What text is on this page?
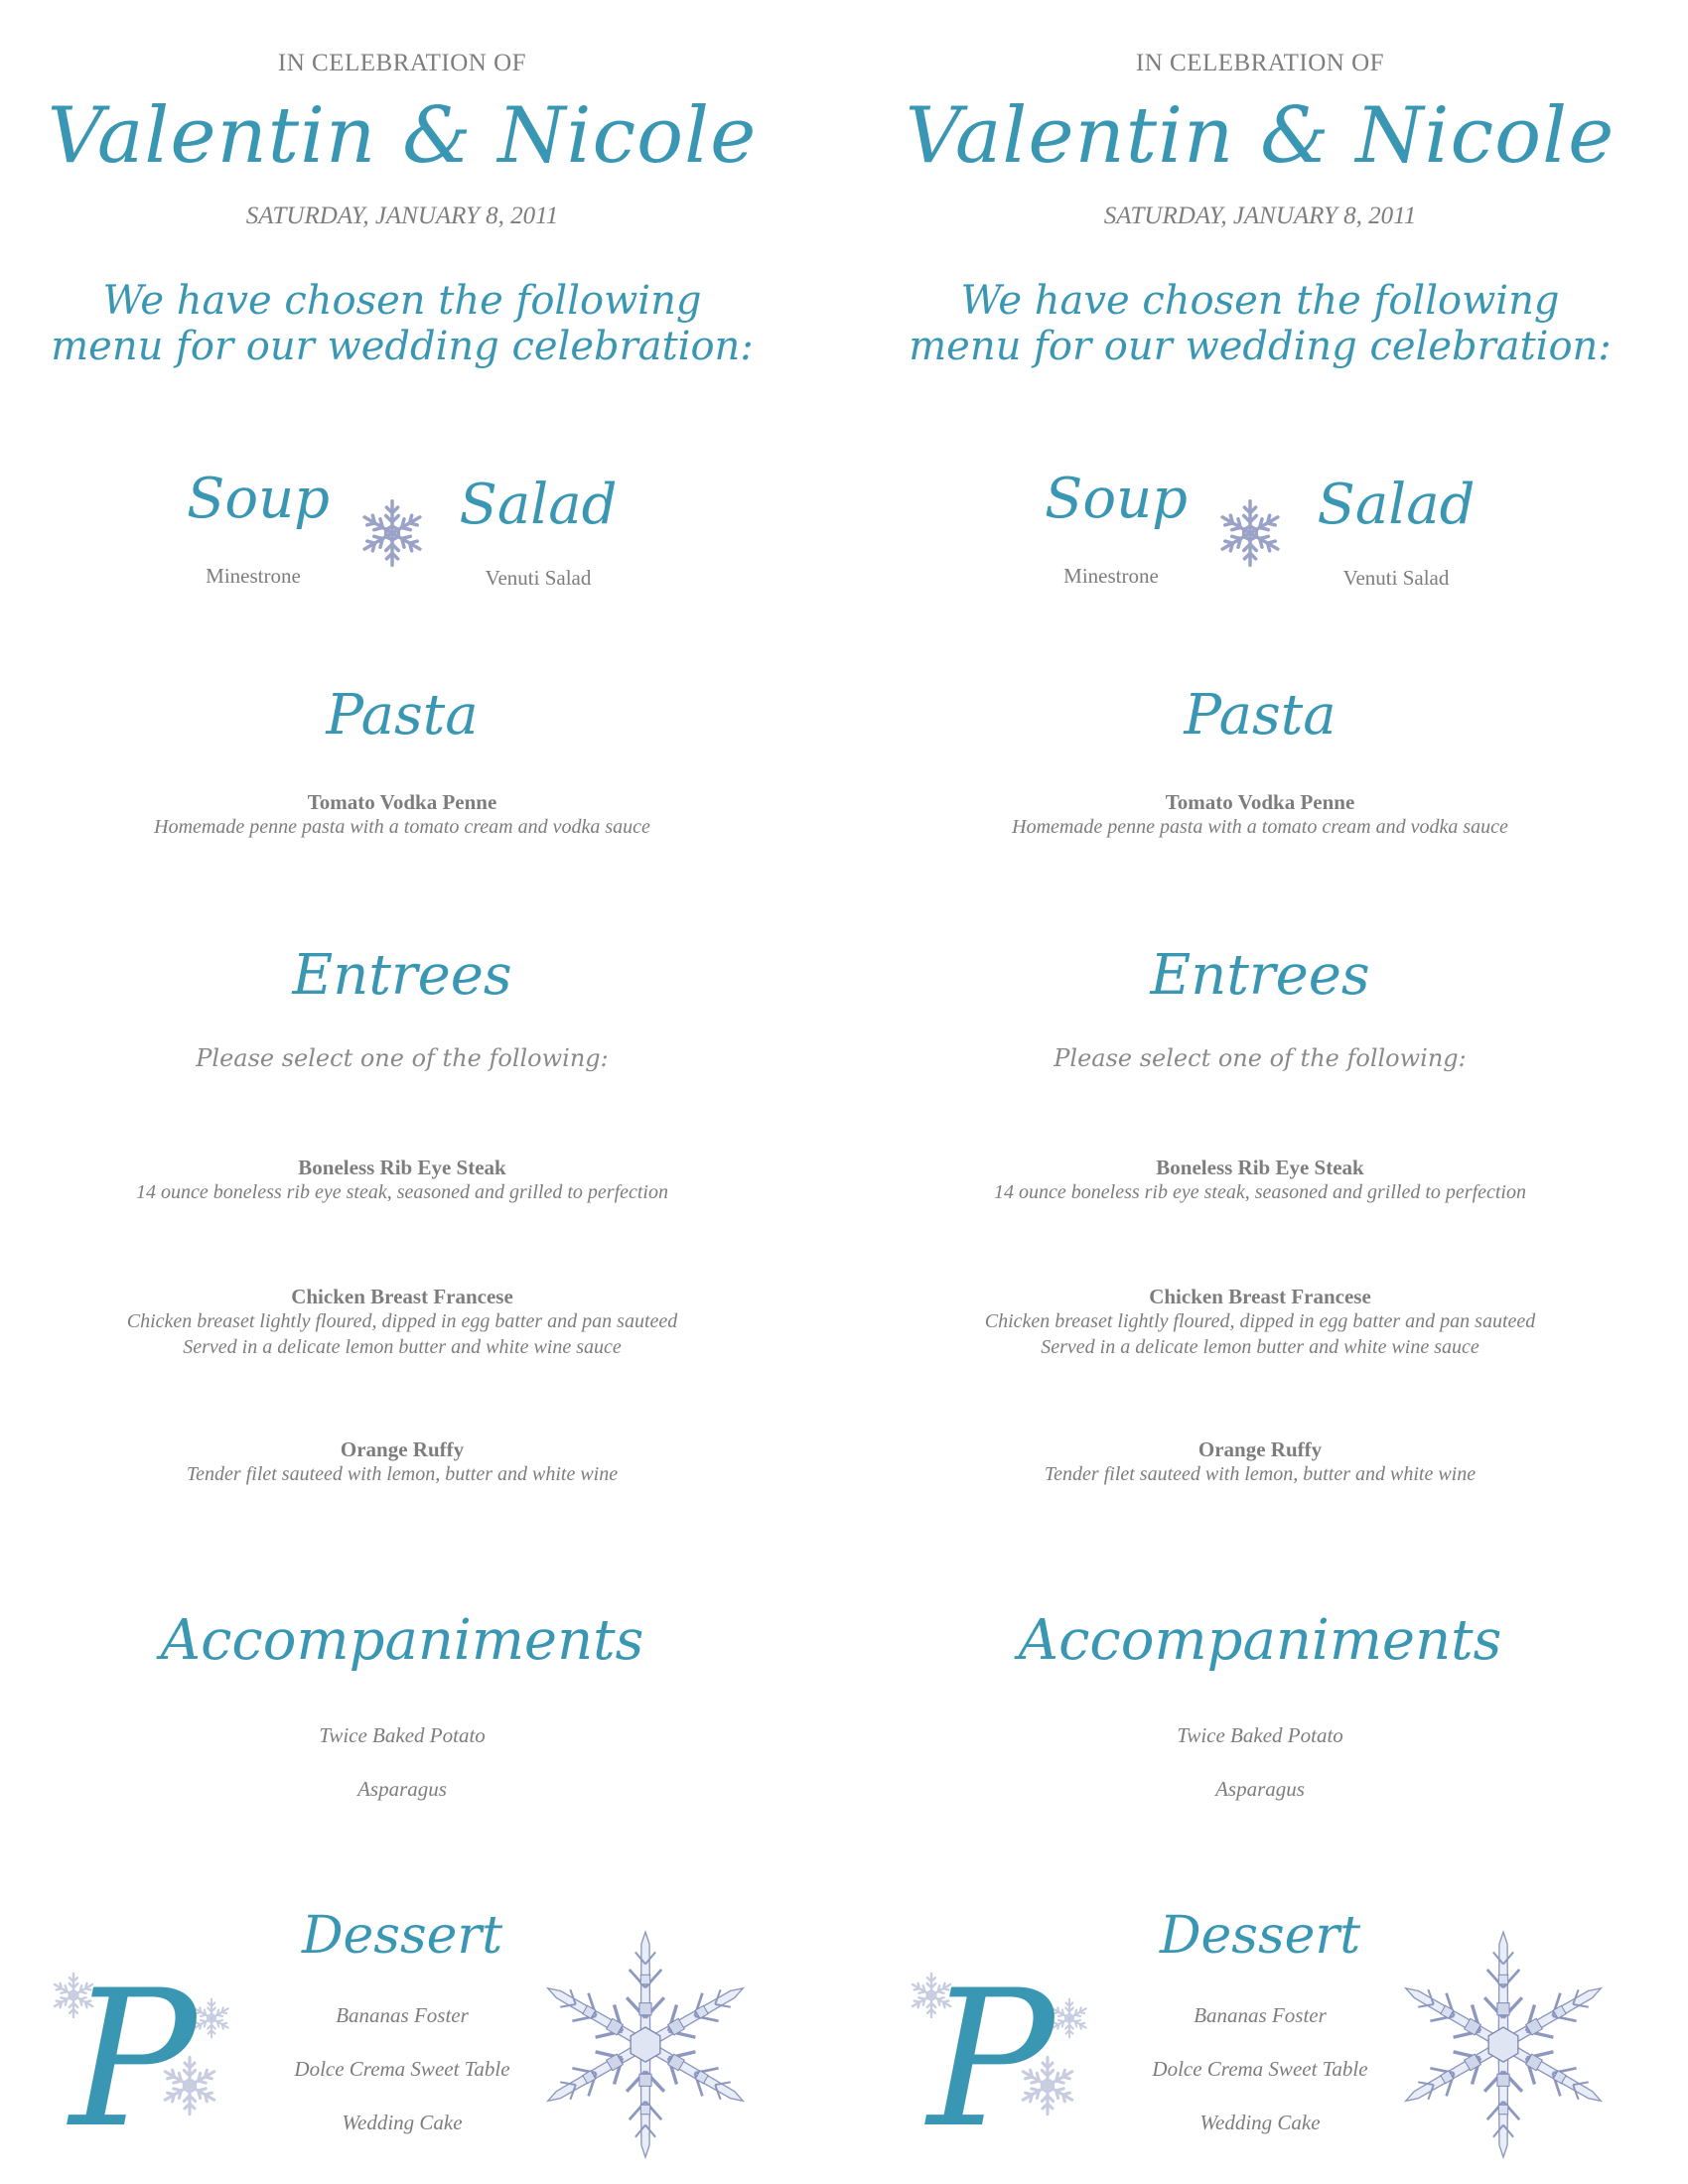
IN CELEBRATION OF
Valentin & Nicole
SATURDAY, JANUARY 8, 2011
We have chosen the following
menu for our wedding celebration:
Soup
Minestrone
Salad
Venuti Salad
Pasta
Tomato Vodka Penne
Homemade penne pasta with a tomato cream and vodka sauce
Entrees
Please select one of the following:
Boneless Rib Eye Steak
14 ounce boneless rib eye steak, seasoned and grilled to perfection
Chicken Breast Francese
Chicken breaset lightly floured, dipped in egg batter and pan sauteed
Served in a delicate lemon butter and white wine sauce
Orange Ruffy
Tender filet sauteed with lemon, butter and white wine
Accompaniments
Twice Baked Potato
Asparagus
Dessert
Bananas Foster
Dolce Crema Sweet Table
Wedding Cake
P
IN CELEBRATION OF
Valentin & Nicole
SATURDAY, JANUARY 8, 2011
We have chosen the following
menu for our wedding celebration:
Soup
Minestrone
Salad
Venuti Salad
Pasta
Tomato Vodka Penne
Homemade penne pasta with a tomato cream and vodka sauce
Entrees
Please select one of the following:
Boneless Rib Eye Steak
14 ounce boneless rib eye steak, seasoned and grilled to perfection
Chicken Breast Francese
Chicken breaset lightly floured, dipped in egg batter and pan sauteed
Served in a delicate lemon butter and white wine sauce
Orange Ruffy
Tender filet sauteed with lemon, butter and white wine
Accompaniments
Twice Baked Potato
Asparagus
Dessert
Bananas Foster
Dolce Crema Sweet Table
Wedding Cake
P
